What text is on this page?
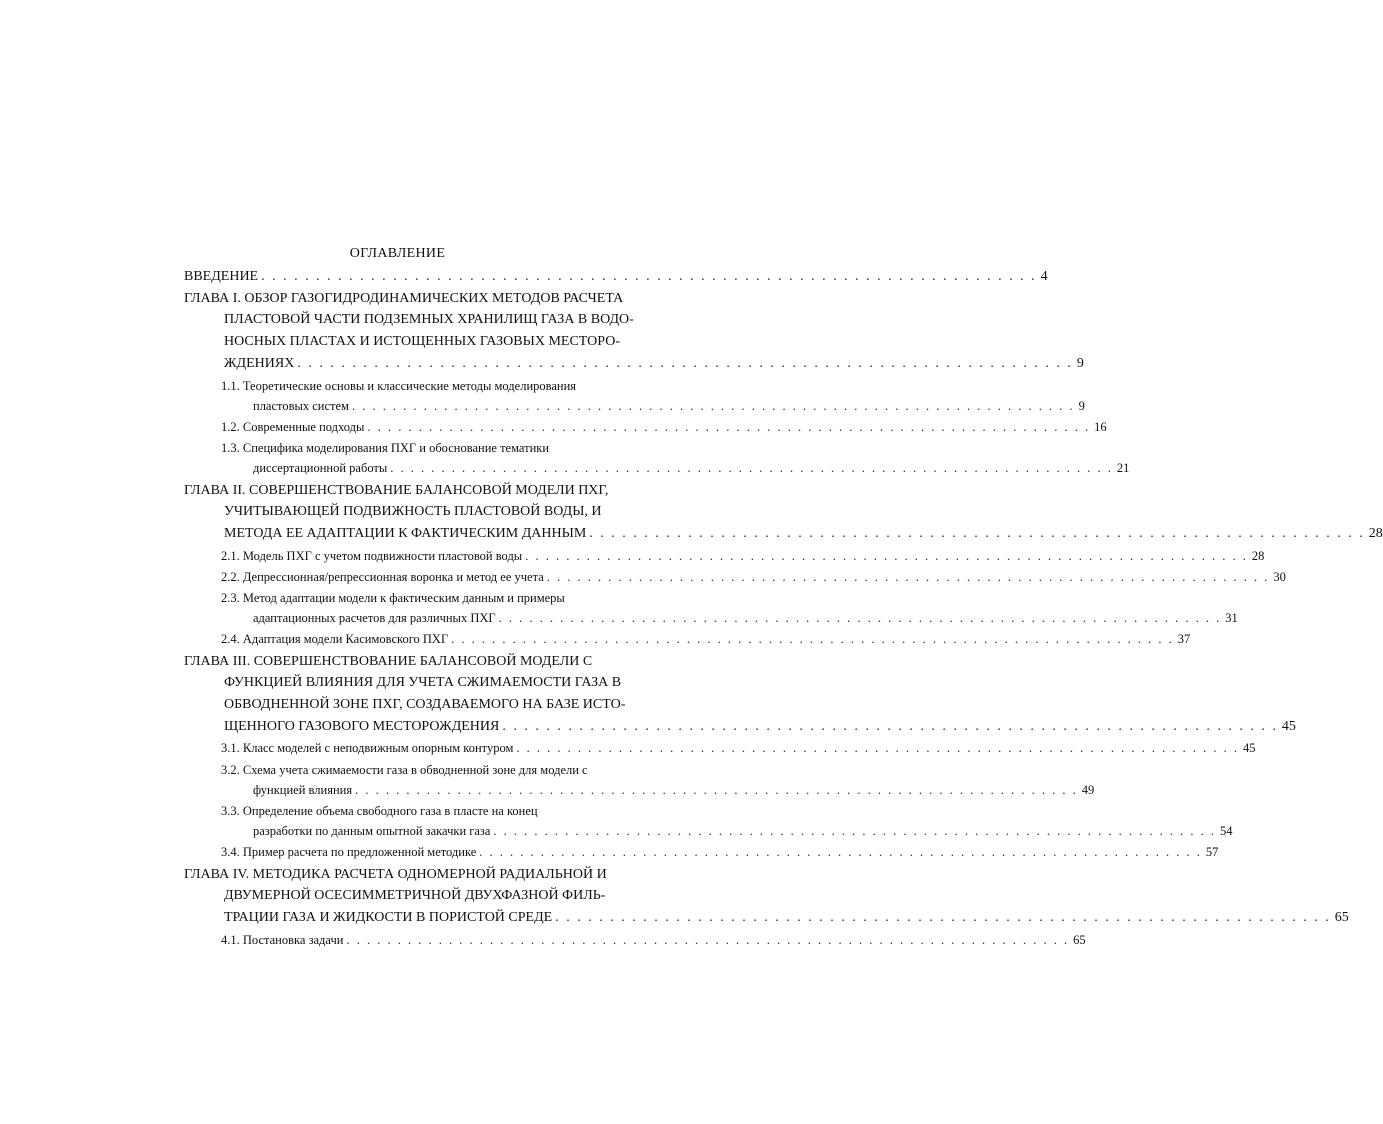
ОГЛАВЛЕНИЕ
ВВЕДЕНИЕ . . . . . . . . . . . . . . . . . . . . . . . . . . . . . . . . . . . . . . . . . . . . . . . . . . . . . . . . . . . . . . . . . . . . . . . 4
ГЛАВА I. ОБЗОР ГАЗОГИДРОДИНАМИЧЕСКИХ МЕТОДОВ РАСЧЕТА
ПЛАСТОВОЙ ЧАСТИ ПОДЗЕМНЫХ ХРАНИЛИЩ ГАЗА В ВОДО-
НОСНЫХ ПЛАСТАХ И ИСТОЩЕННЫХ ГАЗОВЫХ МЕСТОРО-
ЖДЕНИЯХ . . . . . . . . . . . . . . . . . . . . . . . . . . . . . . . . . . . . . . . . . . . . . . . . . . . . . . . . . . . . . . . . . . . . . . . 9
1.1. Теоретические основы и классические методы моделирования
пластовых систем . . . . . . . . . . . . . . . . . . . . . . . . . . . . . . . . . . . . . . . . . . . . . . . . . . . . . . . . . . . . . . . . . . . . . . . 9
1.2. Современные подходы . . . . . . . . . . . . . . . . . . . . . . . . . . . . . . . . . . . . . . . . . . . . . . . . . . . . . . . . . . . . . . . . . . . . . . . 16
1.3. Специфика моделирования ПХГ и обоснование тематики
диссертационной работы . . . . . . . . . . . . . . . . . . . . . . . . . . . . . . . . . . . . . . . . . . . . . . . . . . . . . . . . . . . . . . . . . . . . . . . 21
ГЛАВА II. СОВЕРШЕНСТВОВАНИЕ БАЛАНСОВОЙ МОДЕЛИ ПХГ,
УЧИТЫВАЮЩЕЙ ПОДВИЖНОСТЬ ПЛАСТОВОЙ ВОДЫ, И
МЕТОДА ЕЕ АДАПТАЦИИ К ФАКТИЧЕСКИМ ДАННЫМ . . . . . . . . . . . . . . . . . . . . . . . . . . . . . . . . . . . . . . . . . . . . . . . . . . . . . . . . . . . . . . . . . . . . . . . 28
2.1. Модель ПХГ с учетом подвижности пластовой воды . . . . . . . . . . . . . . . . . . . . . . . . . . . . . . . . . . . . . . . . . . . . . . . . . . . . . . . . . . . . . . . . . . . . . . . 28
2.2. Депрессионная/репрессионная воронка и метод ее учета . . . . . . . . . . . . . . . . . . . . . . . . . . . . . . . . . . . . . . . . . . . . . . . . . . . . . . . . . . . . . . . . . . . . . . . 30
2.3. Метод адаптации модели к фактическим данным и примеры
адаптационных расчетов для различных ПХГ . . . . . . . . . . . . . . . . . . . . . . . . . . . . . . . . . . . . . . . . . . . . . . . . . . . . . . . . . . . . . . . . . . . . . . . 31
2.4. Адаптация модели Касимовского ПХГ . . . . . . . . . . . . . . . . . . . . . . . . . . . . . . . . . . . . . . . . . . . . . . . . . . . . . . . . . . . . . . . . . . . . . . . 37
ГЛАВА III. СОВЕРШЕНСТВОВАНИЕ БАЛАНСОВОЙ МОДЕЛИ С
ФУНКЦИЕЙ ВЛИЯНИЯ ДЛЯ УЧЕТА СЖИМАЕМОСТИ ГАЗА В
ОБВОДНЕННОЙ ЗОНЕ ПХГ, СОЗДАВАЕМОГО НА БАЗЕ ИСТО-
ЩЕННОГО ГАЗОВОГО МЕСТОРОЖДЕНИЯ . . . . . . . . . . . . . . . . . . . . . . . . . . . . . . . . . . . . . . . . . . . . . . . . . . . . . . . . . . . . . . . . . . . . . . . 45
3.1. Класс моделей с неподвижным опорным контуром . . . . . . . . . . . . . . . . . . . . . . . . . . . . . . . . . . . . . . . . . . . . . . . . . . . . . . . . . . . . . . . . . . . . . . . 45
3.2. Схема учета сжимаемости газа в обводненной зоне для модели с
функцией влияния . . . . . . . . . . . . . . . . . . . . . . . . . . . . . . . . . . . . . . . . . . . . . . . . . . . . . . . . . . . . . . . . . . . . . . . 49
3.3. Определение объема свободного газа в пласте на конец
разработки по данным опытной закачки газа . . . . . . . . . . . . . . . . . . . . . . . . . . . . . . . . . . . . . . . . . . . . . . . . . . . . . . . . . . . . . . . . . . . . . . . 54
3.4. Пример расчета по предложенной методике . . . . . . . . . . . . . . . . . . . . . . . . . . . . . . . . . . . . . . . . . . . . . . . . . . . . . . . . . . . . . . . . . . . . . . . 57
ГЛАВА IV. МЕТОДИКА РАСЧЕТА ОДНОМЕРНОЙ РАДИАЛЬНОЙ И
ДВУМЕРНОЙ ОСЕСИММЕТРИЧНОЙ ДВУХФАЗНОЙ ФИЛЬ-
ТРАЦИИ ГАЗА И ЖИДКОСТИ В ПОРИСТОЙ СРЕДЕ . . . . . . . . . . . . . . . . . . . . . . . . . . . . . . . . . . . . . . . . . . . . . . . . . . . . . . . . . . . . . . . . . . . . . . . 65
4.1. Постановка задачи . . . . . . . . . . . . . . . . . . . . . . . . . . . . . . . . . . . . . . . . . . . . . . . . . . . . . . . . . . . . . . . . . . . . . . . 65
